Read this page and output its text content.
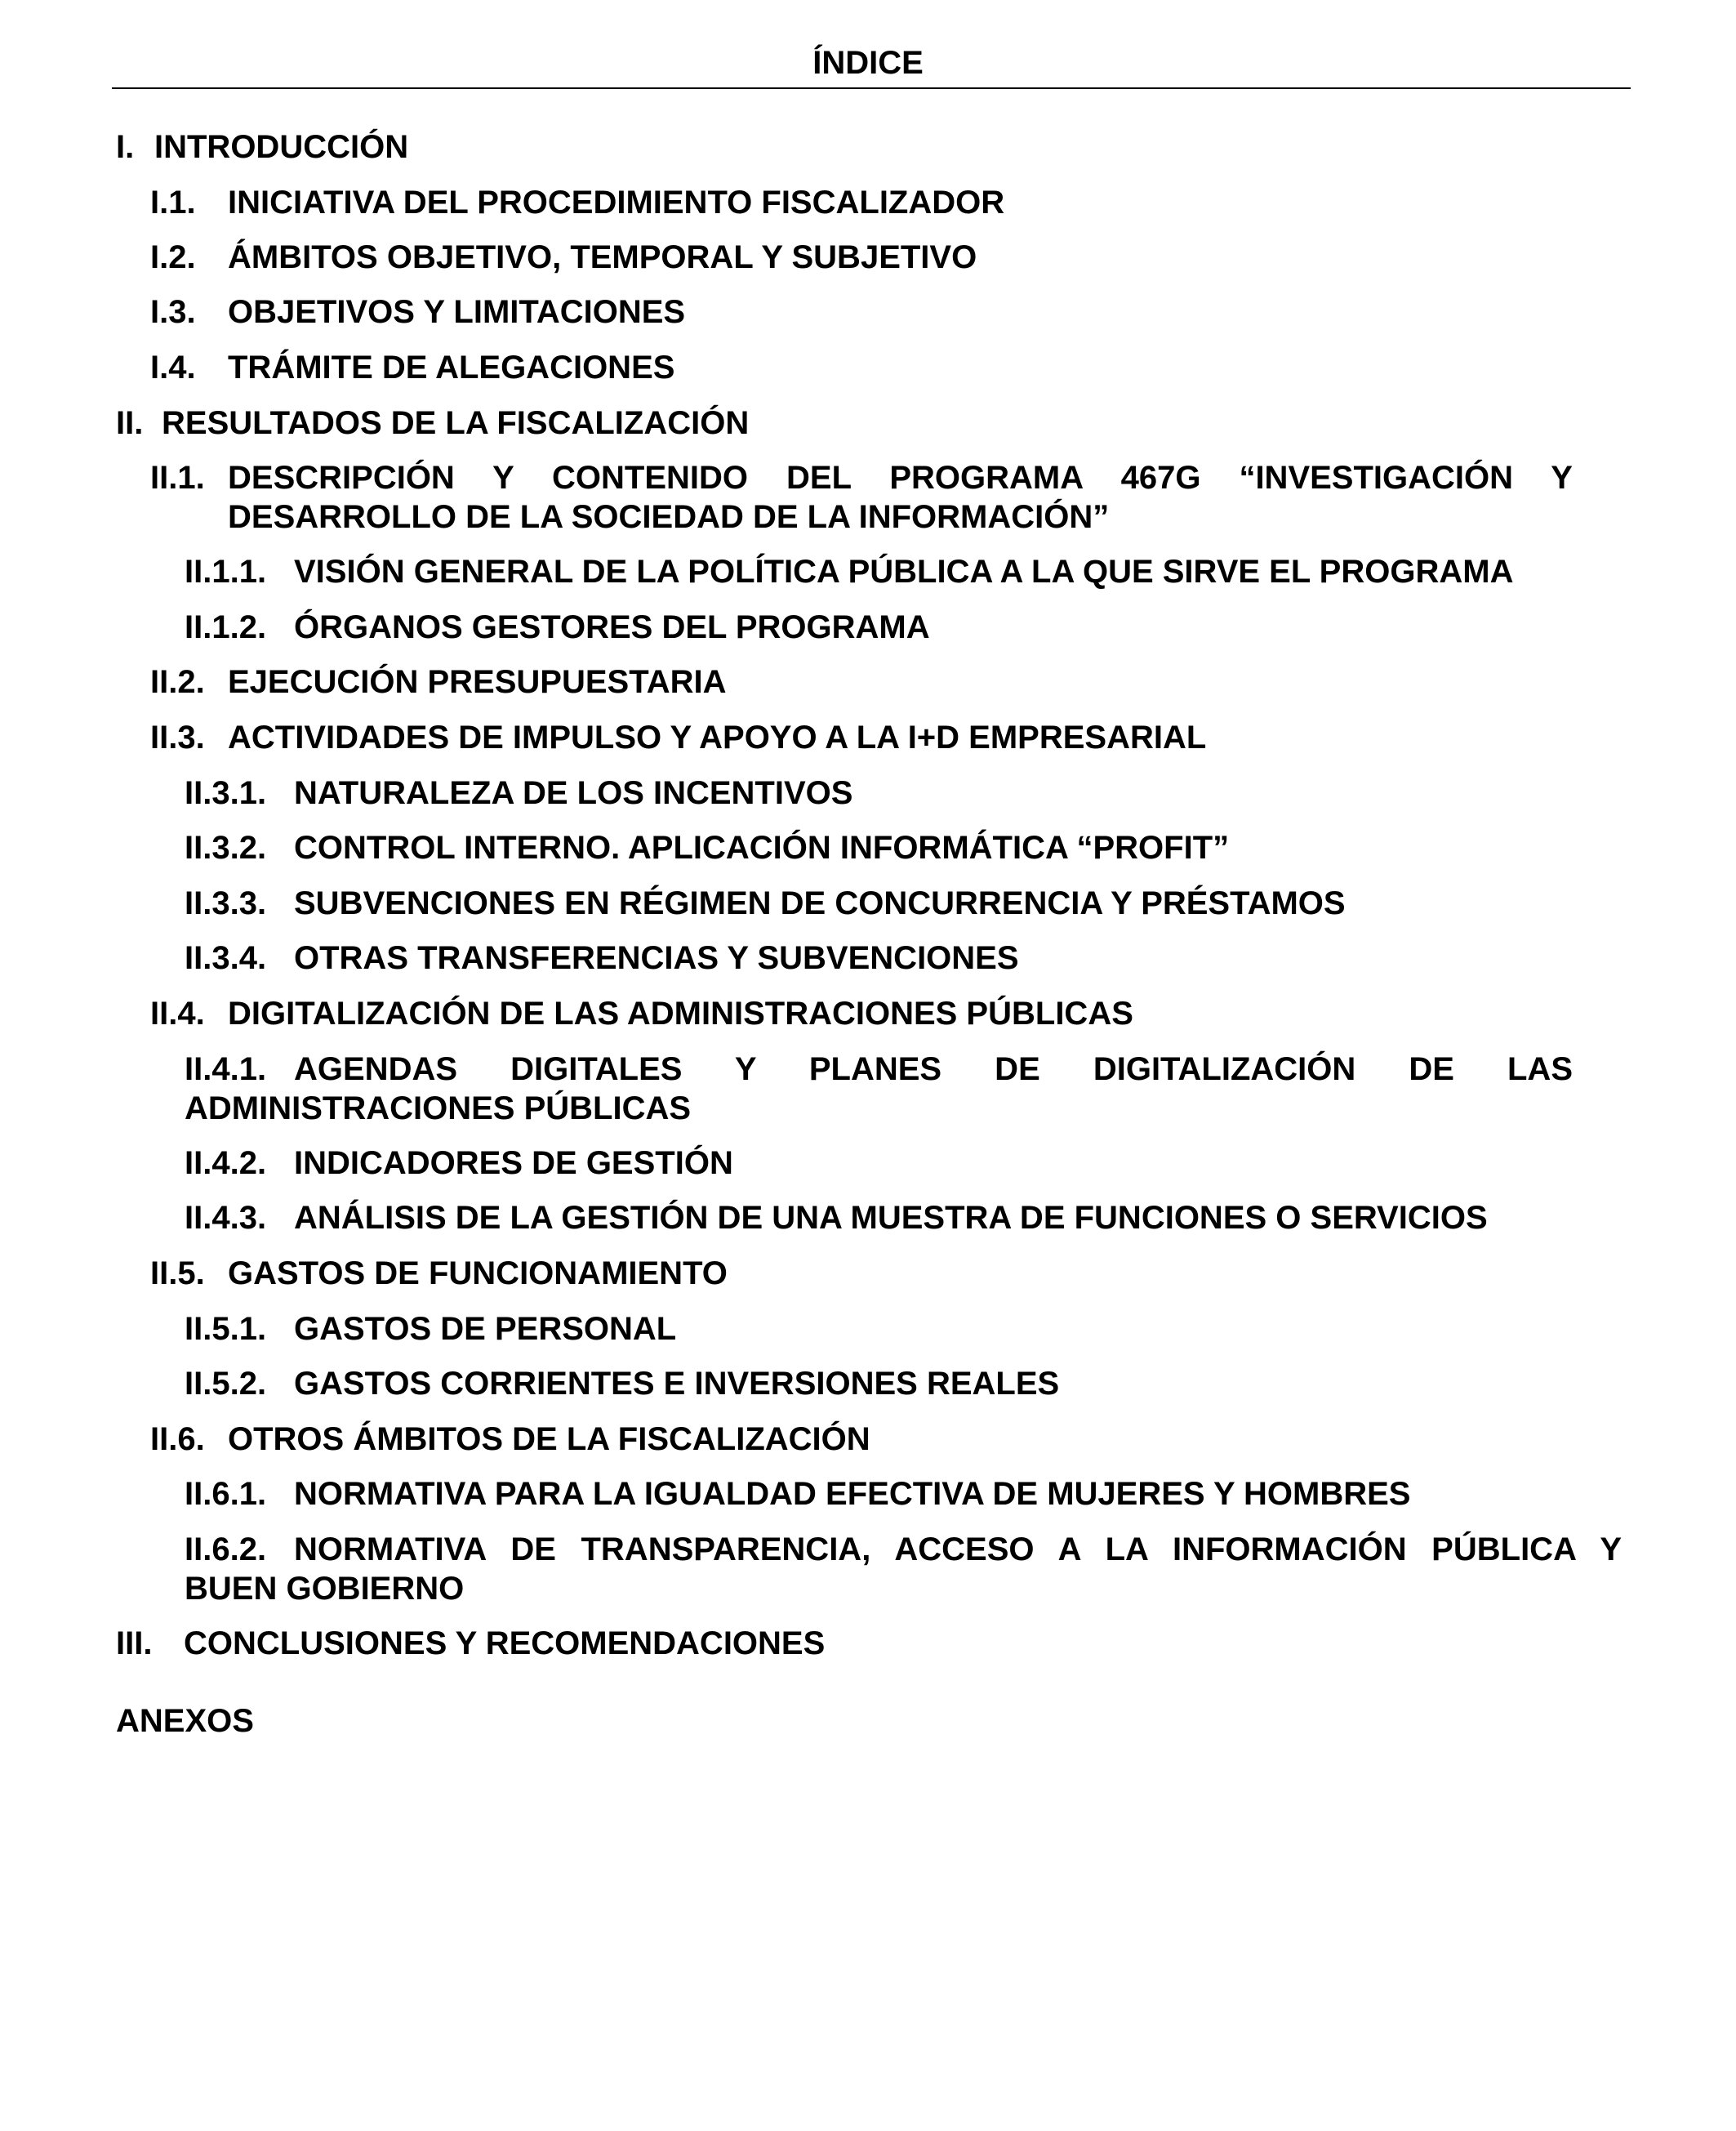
ÍNDICE
I. INTRODUCCIÓN
I.1. INICIATIVA DEL PROCEDIMIENTO FISCALIZADOR
I.2. ÁMBITOS OBJETIVO, TEMPORAL Y SUBJETIVO
I.3. OBJETIVOS Y LIMITACIONES
I.4. TRÁMITE DE ALEGACIONES
II. RESULTADOS DE LA FISCALIZACIÓN
II.1. DESCRIPCIÓN Y CONTENIDO DEL PROGRAMA 467G “INVESTIGACIÓN Y
DESARROLLO DE LA SOCIEDAD DE LA INFORMACIÓN”
II.1.1. VISIÓN GENERAL DE LA POLÍTICA PÚBLICA A LA QUE SIRVE EL PROGRAMA
II.1.2. ÓRGANOS GESTORES DEL PROGRAMA
II.2. EJECUCIÓN PRESUPUESTARIA
II.3. ACTIVIDADES DE IMPULSO Y APOYO A LA I+D EMPRESARIAL
II.3.1. NATURALEZA DE LOS INCENTIVOS
II.3.2. CONTROL INTERNO. APLICACIÓN INFORMÁTICA “PROFIT”
II.3.3. SUBVENCIONES EN RÉGIMEN DE CONCURRENCIA Y PRÉSTAMOS
II.3.4. OTRAS TRANSFERENCIAS Y SUBVENCIONES
II.4. DIGITALIZACIÓN DE LAS ADMINISTRACIONES PÚBLICAS
II.4.1. AGENDAS DIGITALES Y PLANES DE DIGITALIZACIÓN DE LAS
ADMINISTRACIONES PÚBLICAS
II.4.2. INDICADORES DE GESTIÓN
II.4.3. ANÁLISIS DE LA GESTIÓN DE UNA MUESTRA DE FUNCIONES O SERVICIOS
II.5. GASTOS DE FUNCIONAMIENTO
II.5.1. GASTOS DE PERSONAL
II.5.2. GASTOS CORRIENTES E INVERSIONES REALES
II.6. OTROS ÁMBITOS DE LA FISCALIZACIÓN
II.6.1. NORMATIVA PARA LA IGUALDAD EFECTIVA DE MUJERES Y HOMBRES
II.6.2. NORMATIVA DE TRANSPARENCIA, ACCESO A LA INFORMACIÓN PÚBLICA Y
BUEN GOBIERNO
III. CONCLUSIONES Y RECOMENDACIONES
ANEXOS
